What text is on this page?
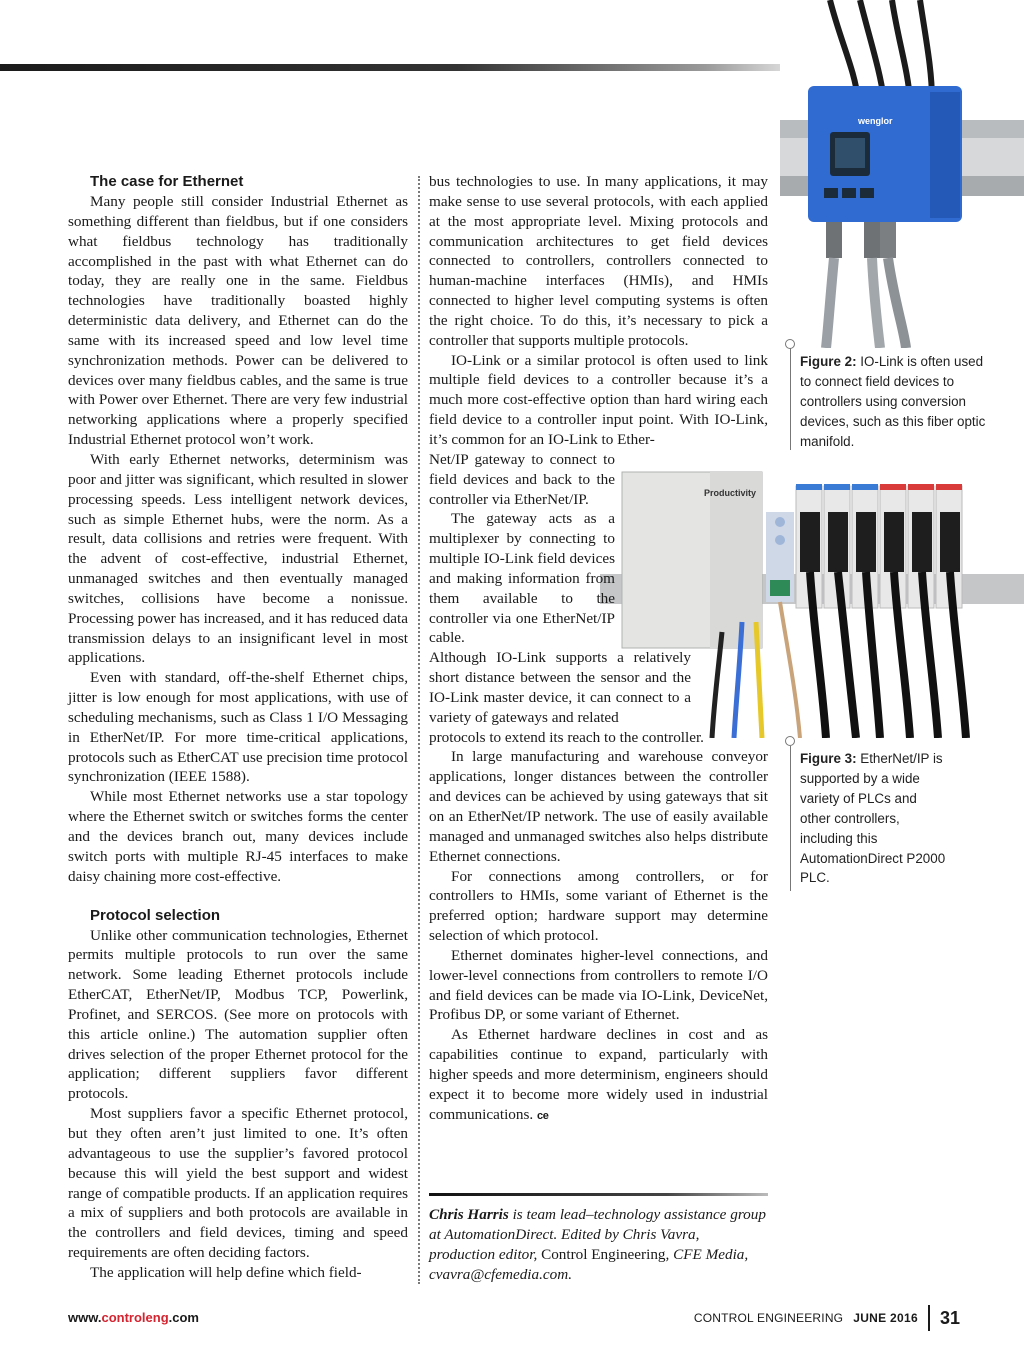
wenglor
Productivity

The case for Ethernet

Many people still consider Industrial Ethernet as something different than fieldbus, but if one considers what fieldbus technology has traditionally accomplished in the past with what Ethernet can do today, they are really one in the same. Fieldbus technologies have traditionally boasted highly deterministic data delivery, and Ethernet can do the same with its increased speed and low level time synchronization methods. Power can be delivered to devices over many fieldbus cables, and the same is true with Power over Ethernet. There are very few industrial networking applications where a properly specified Industrial Ethernet protocol won’t work.

With early Ethernet networks, determinism was poor and jitter was significant, which resulted in slower processing speeds. Less intelligent network devices, such as simple Ethernet hubs, were the norm. As a result, data collisions and retries were frequent. With the advent of cost-effective, industrial Ethernet, unmanaged switches and then eventually managed switches, collisions have become a nonissue. Processing power has increased, and it has reduced data transmission delays to an insignificant level in most applications.

Even with standard, off-the-shelf Ethernet chips, jitter is low enough for most applications, with use of scheduling mechanisms, such as Class 1 I/O Messaging in EtherNet/IP. For more time-critical applications, protocols such as EtherCAT use precision time protocol synchronization (IEEE 1588).

While most Ethernet networks use a star topology where the Ethernet switch or switches forms the center and the devices branch out, many devices include switch ports with multiple RJ-45 interfaces to make daisy chaining more cost-effective.

Protocol selection

Unlike other communication technologies, Ethernet permits multiple protocols to run over the same network. Some leading Ethernet protocols include EtherCAT, EtherNet/IP, Modbus TCP, Powerlink, Profinet, and SERCOS. (See more on protocols with this article online.) The automation supplier often drives selection of the proper Ethernet protocol for the application; different suppliers favor different protocols.

Most suppliers favor a specific Ethernet protocol, but they often aren’t just limited to one. It’s often advantageous to use the supplier’s favored protocol because this will yield the best support and widest range of compatible products. If an application requires a mix of suppliers and both protocols are available in the controllers and field devices, timing and speed requirements are often deciding factors.

The application will help define which field-

bus technologies to use. In many applications, it may make sense to use several protocols, with each applied at the most appropriate level. Mixing protocols and communication architectures to get field devices connected to controllers, controllers connected to human-machine interfaces (HMIs), and HMIs connected to higher level computing systems is often the right choice. To do this, it’s necessary to pick a controller that supports multiple protocols.

IO-Link or a similar protocol is often used to link multiple field devices to a controller because it’s a much more cost-effective option than hard wiring each field device to a controller input point. With IO-Link, it’s common for an IO-Link to Ether-

Net/IP gateway to connect to field devices and back to the controller via EtherNet/IP.

The gateway acts as a multiplexer by connecting to multiple IO-Link field devices and making information from them available to the controller via one EtherNet/IP cable.

Although IO-Link supports a relatively short distance between the sensor and the IO-Link master device, it can connect to a variety of gateways and related

protocols to extend its reach to the controller.

In large manufacturing and warehouse conveyor applications, longer distances between the controller and devices can be achieved by using gateways that sit on an EtherNet/IP network. The use of easily available managed and unmanaged switches also helps distribute Ethernet connections.

For connections among controllers, or for controllers to HMIs, some variant of Ethernet is the preferred option; hardware support may determine selection of which protocol.

Ethernet dominates higher-level connections, and lower-level connections from controllers to remote I/O and field devices can be made via IO-Link, DeviceNet, Profibus DP, or some variant of Ethernet.

As Ethernet hardware declines in cost and as capabilities continue to expand, particularly with higher speeds and more determinism, engineers should expect it to become more widely used in industrial communications. ce

Chris Harris is team lead–technology assistance group at AutomationDirect. Edited by Chris Vavra, production editor, Control Engineering, CFE Media, cvavra@cfemedia.com.
Figure 2: IO-Link is often used to connect field devices to controllers using conversion devices, such as this fiber optic manifold.
Figure 3: EtherNet/IP is supported by a wide variety of PLCs and other controllers, including this AutomationDirect P2000 PLC.
www.controleng.com	CONTROL ENGINEERING JUNE 2016 31
